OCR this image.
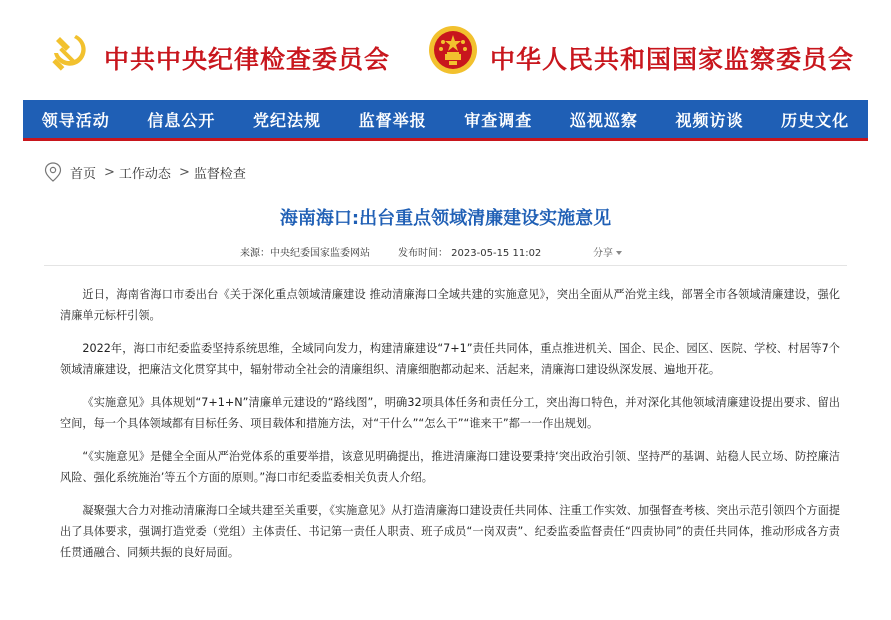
中共中央纪律检查委员会	中华人民共和国国家监察委员会
领导活动 信息公开 党纪法规 监督举报 审查调查 巡视巡察 视频访谈 历史文化
首页 > 工作动态 > 监督检查
海南海口:出台重点领域清廉建设实施意见
来源：中央纪委国家监委网站	发布时间： 2023-05-15 11:02	分享

近日，海南省海口市委出台《关于深化重点领域清廉建设 推动清廉海口全域共建的实施意见》，突出全面从严治党主线，部署全市各领域清廉建设，强化清廉单元标杆引领。

2022年，海口市纪委监委坚持系统思维，全域同向发力，构建清廉建设“7+1”责任共同体，重点推进机关、国企、民企、园区、医院、学校、村居等7个领域清廉建设，把廉洁文化贯穿其中，辐射带动全社会的清廉组织、清廉细胞都动起来、活起来，清廉海口建设纵深发展、遍地开花。

《实施意见》具体规划“7+1+N”清廉单元建设的“路线图”，明确32项具体任务和责任分工，突出海口特色，并对深化其他领域清廉建设提出要求、留出空间，每一个具体领域都有目标任务、项目载体和措施方法，对“干什么”“怎么干”“谁来干”都一一作出规划。

“《实施意见》是健全全面从严治党体系的重要举措，该意见明确提出，推进清廉海口建设要秉持‘突出政治引领、坚持严的基调、站稳人民立场、防控廉洁风险、强化系统施治’等五个方面的原则。”海口市纪委监委相关负责人介绍。

凝聚强大合力对推动清廉海口全域共建至关重要，《实施意见》从打造清廉海口建设责任共同体、注重工作实效、加强督查考核、突出示范引领四个方面提出了具体要求，强调打造党委（党组）主体责任、书记第一责任人职责、班子成员“一岗双责”、纪委监委监督责任“四责协同”的责任共同体，推动形成各方责任贯通融合、同频共振的良好局面。
